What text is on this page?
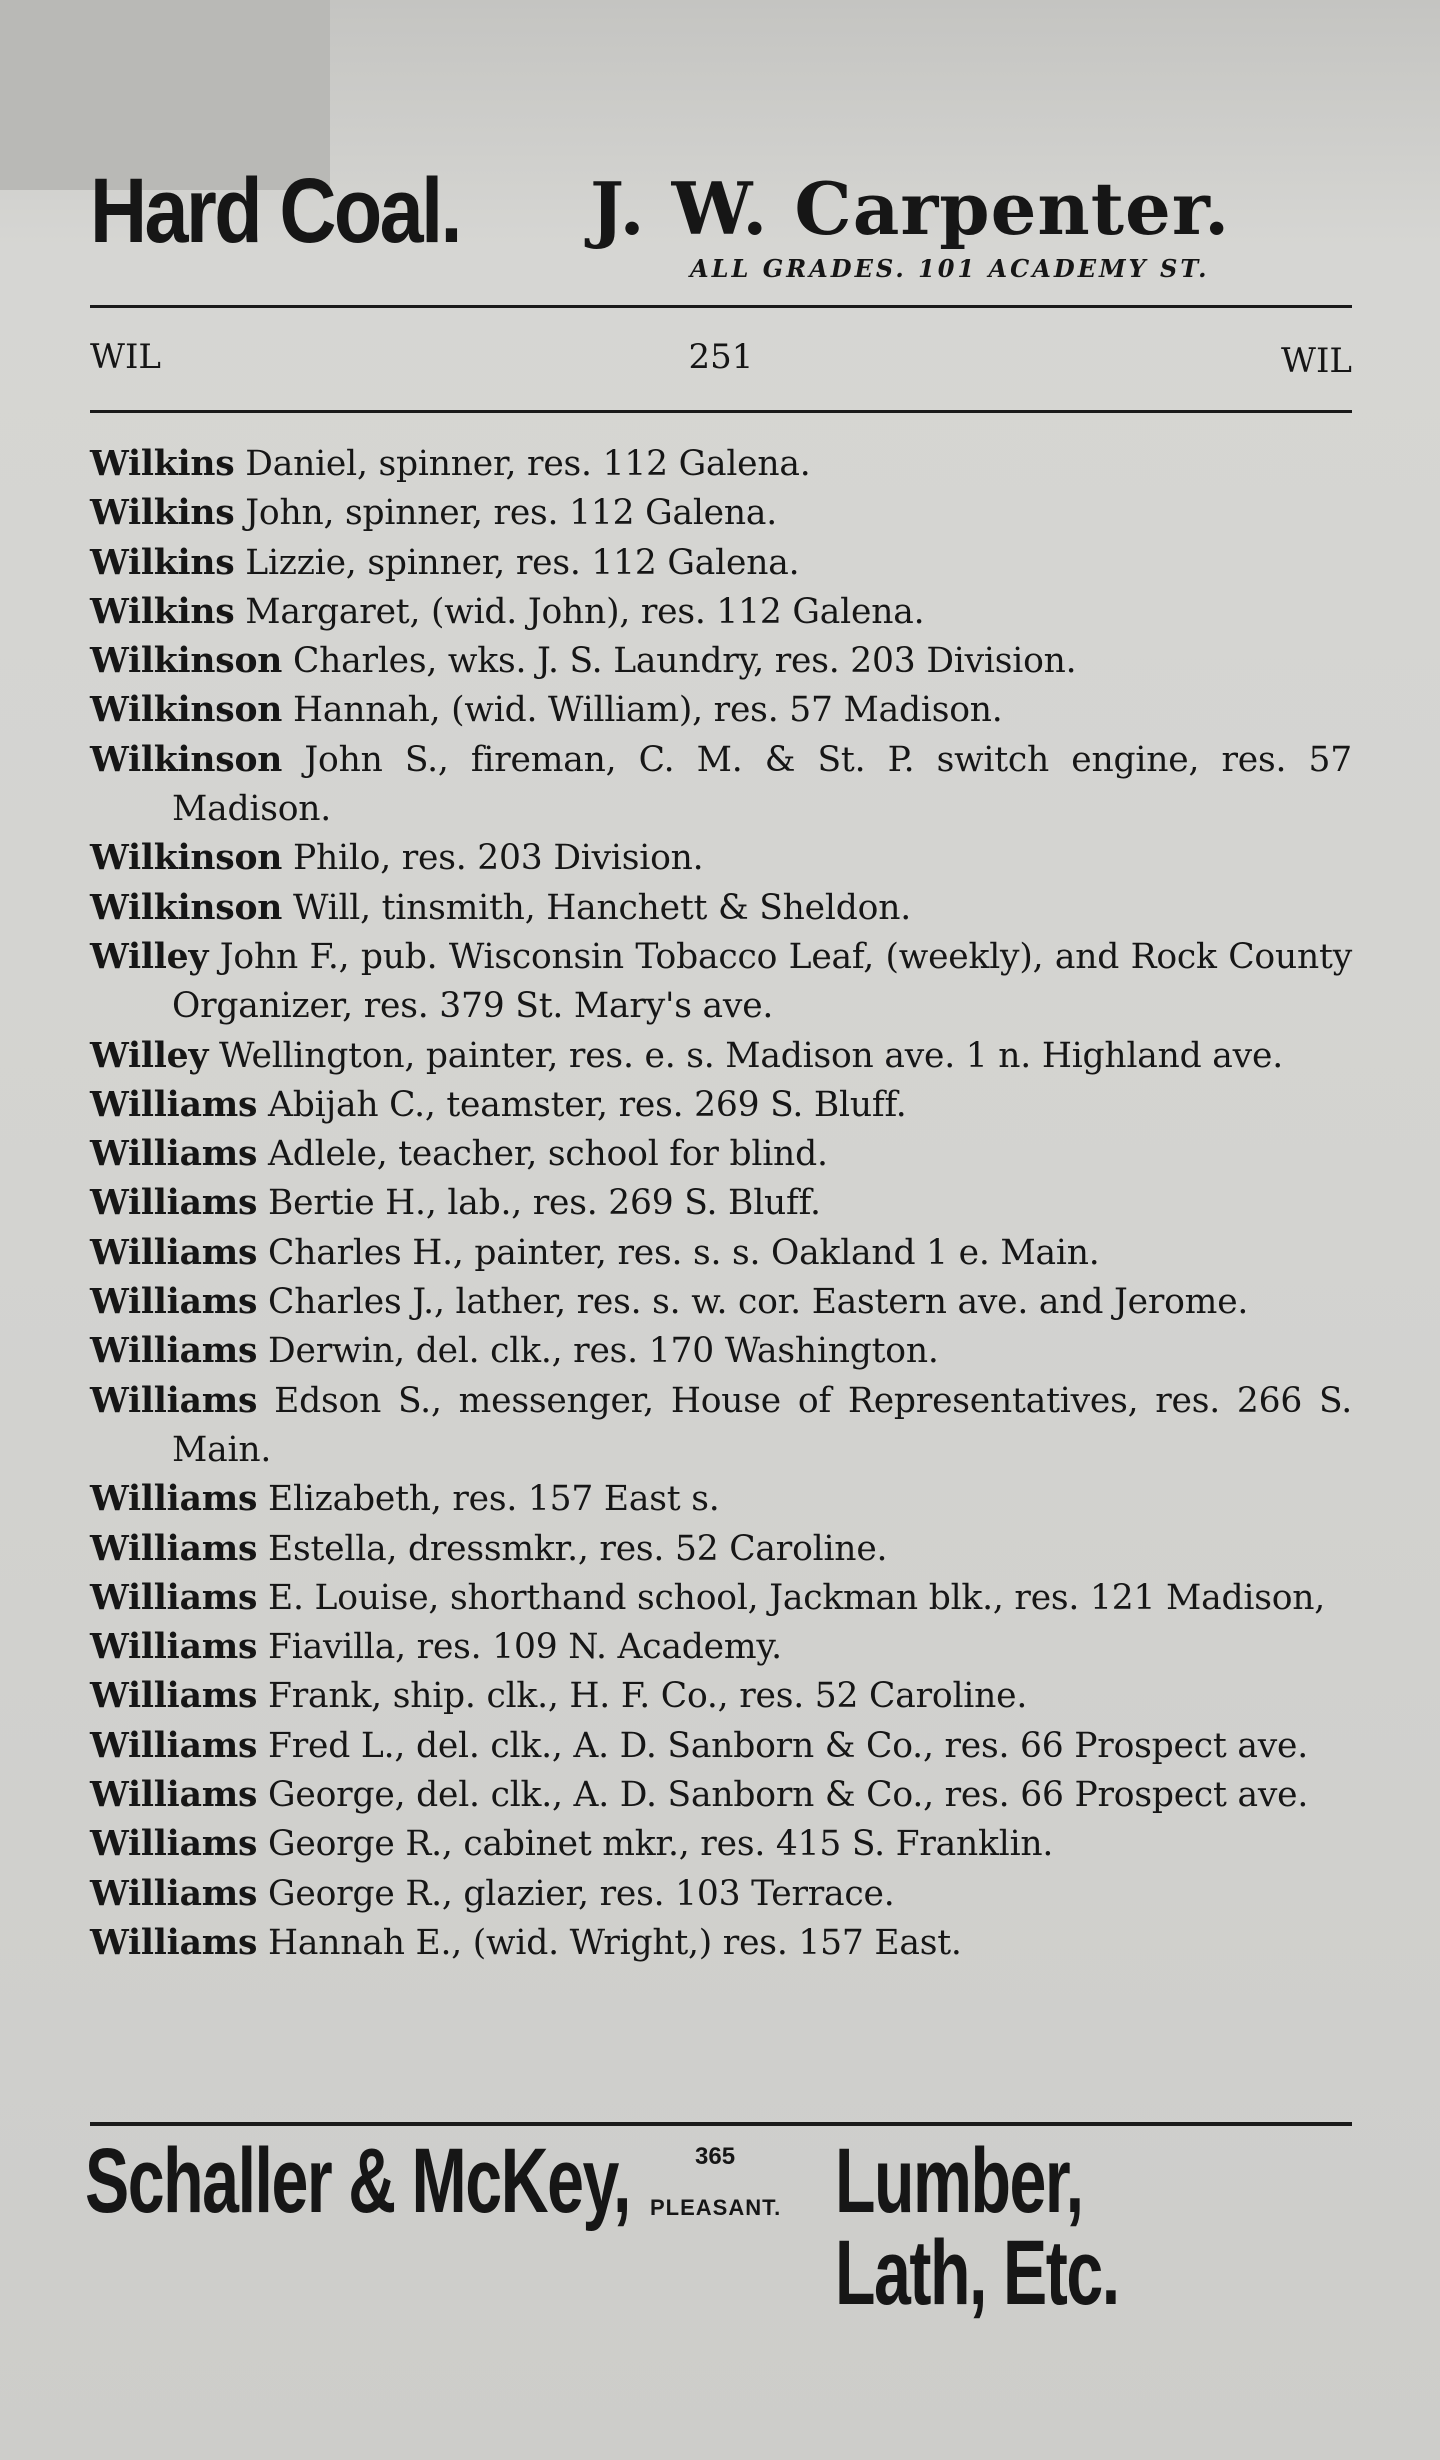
Hard Coal. J. W. Carpenter.
ALL GRADES. 101 ACADEMY ST.
WIL	251	WIL
Wilkins Daniel, spinner, res. 112 Galena.
Wilkins John, spinner, res. 112 Galena.
Wilkins Lizzie, spinner, res. 112 Galena.
Wilkins Margaret, (wid. John), res. 112 Galena.
Wilkinson Charles, wks. J. S. Laundry, res. 203 Division.
Wilkinson Hannah, (wid. William), res. 57 Madison.
Wilkinson John S., fireman, C. M. & St. P. switch engine, res. 57 Madison.
Wilkinson Philo, res. 203 Division.
Wilkinson Will, tinsmith, Hanchett & Sheldon.
Willey John F., pub. Wisconsin Tobacco Leaf, (weekly), and Rock County Organizer, res. 379 St. Mary's ave.
Willey Wellington, painter, res. e. s. Madison ave. 1 n. Highland ave.
Williams Abijah C., teamster, res. 269 S. Bluff.
Williams Adlele, teacher, school for blind.
Williams Bertie H., lab., res. 269 S. Bluff.
Williams Charles H., painter, res. s. s. Oakland 1 e. Main.
Williams Charles J., lather, res. s. w. cor. Eastern ave. and Jerome.
Williams Derwin, del. clk., res. 170 Washington.
Williams Edson S., messenger, House of Representatives, res. 266 S. Main.
Williams Elizabeth, res. 157 East s.
Williams Estella, dressmkr., res. 52 Caroline.
Williams E. Louise, shorthand school, Jackman blk., res. 121 Madison,
Williams Fiavilla, res. 109 N. Academy.
Williams Frank, ship. clk., H. F. Co., res. 52 Caroline.
Williams Fred L., del. clk., A. D. Sanborn & Co., res. 66 Prospect ave.
Williams George, del. clk., A. D. Sanborn & Co., res. 66 Prospect ave.
Williams George R., cabinet mkr., res. 415 S. Franklin.
Williams George R., glazier, res. 103 Terrace.
Williams Hannah E., (wid. Wright,) res. 157 East.
Schaller & McKey,	365
PLEASANT. Lumber, Lath, Etc.
